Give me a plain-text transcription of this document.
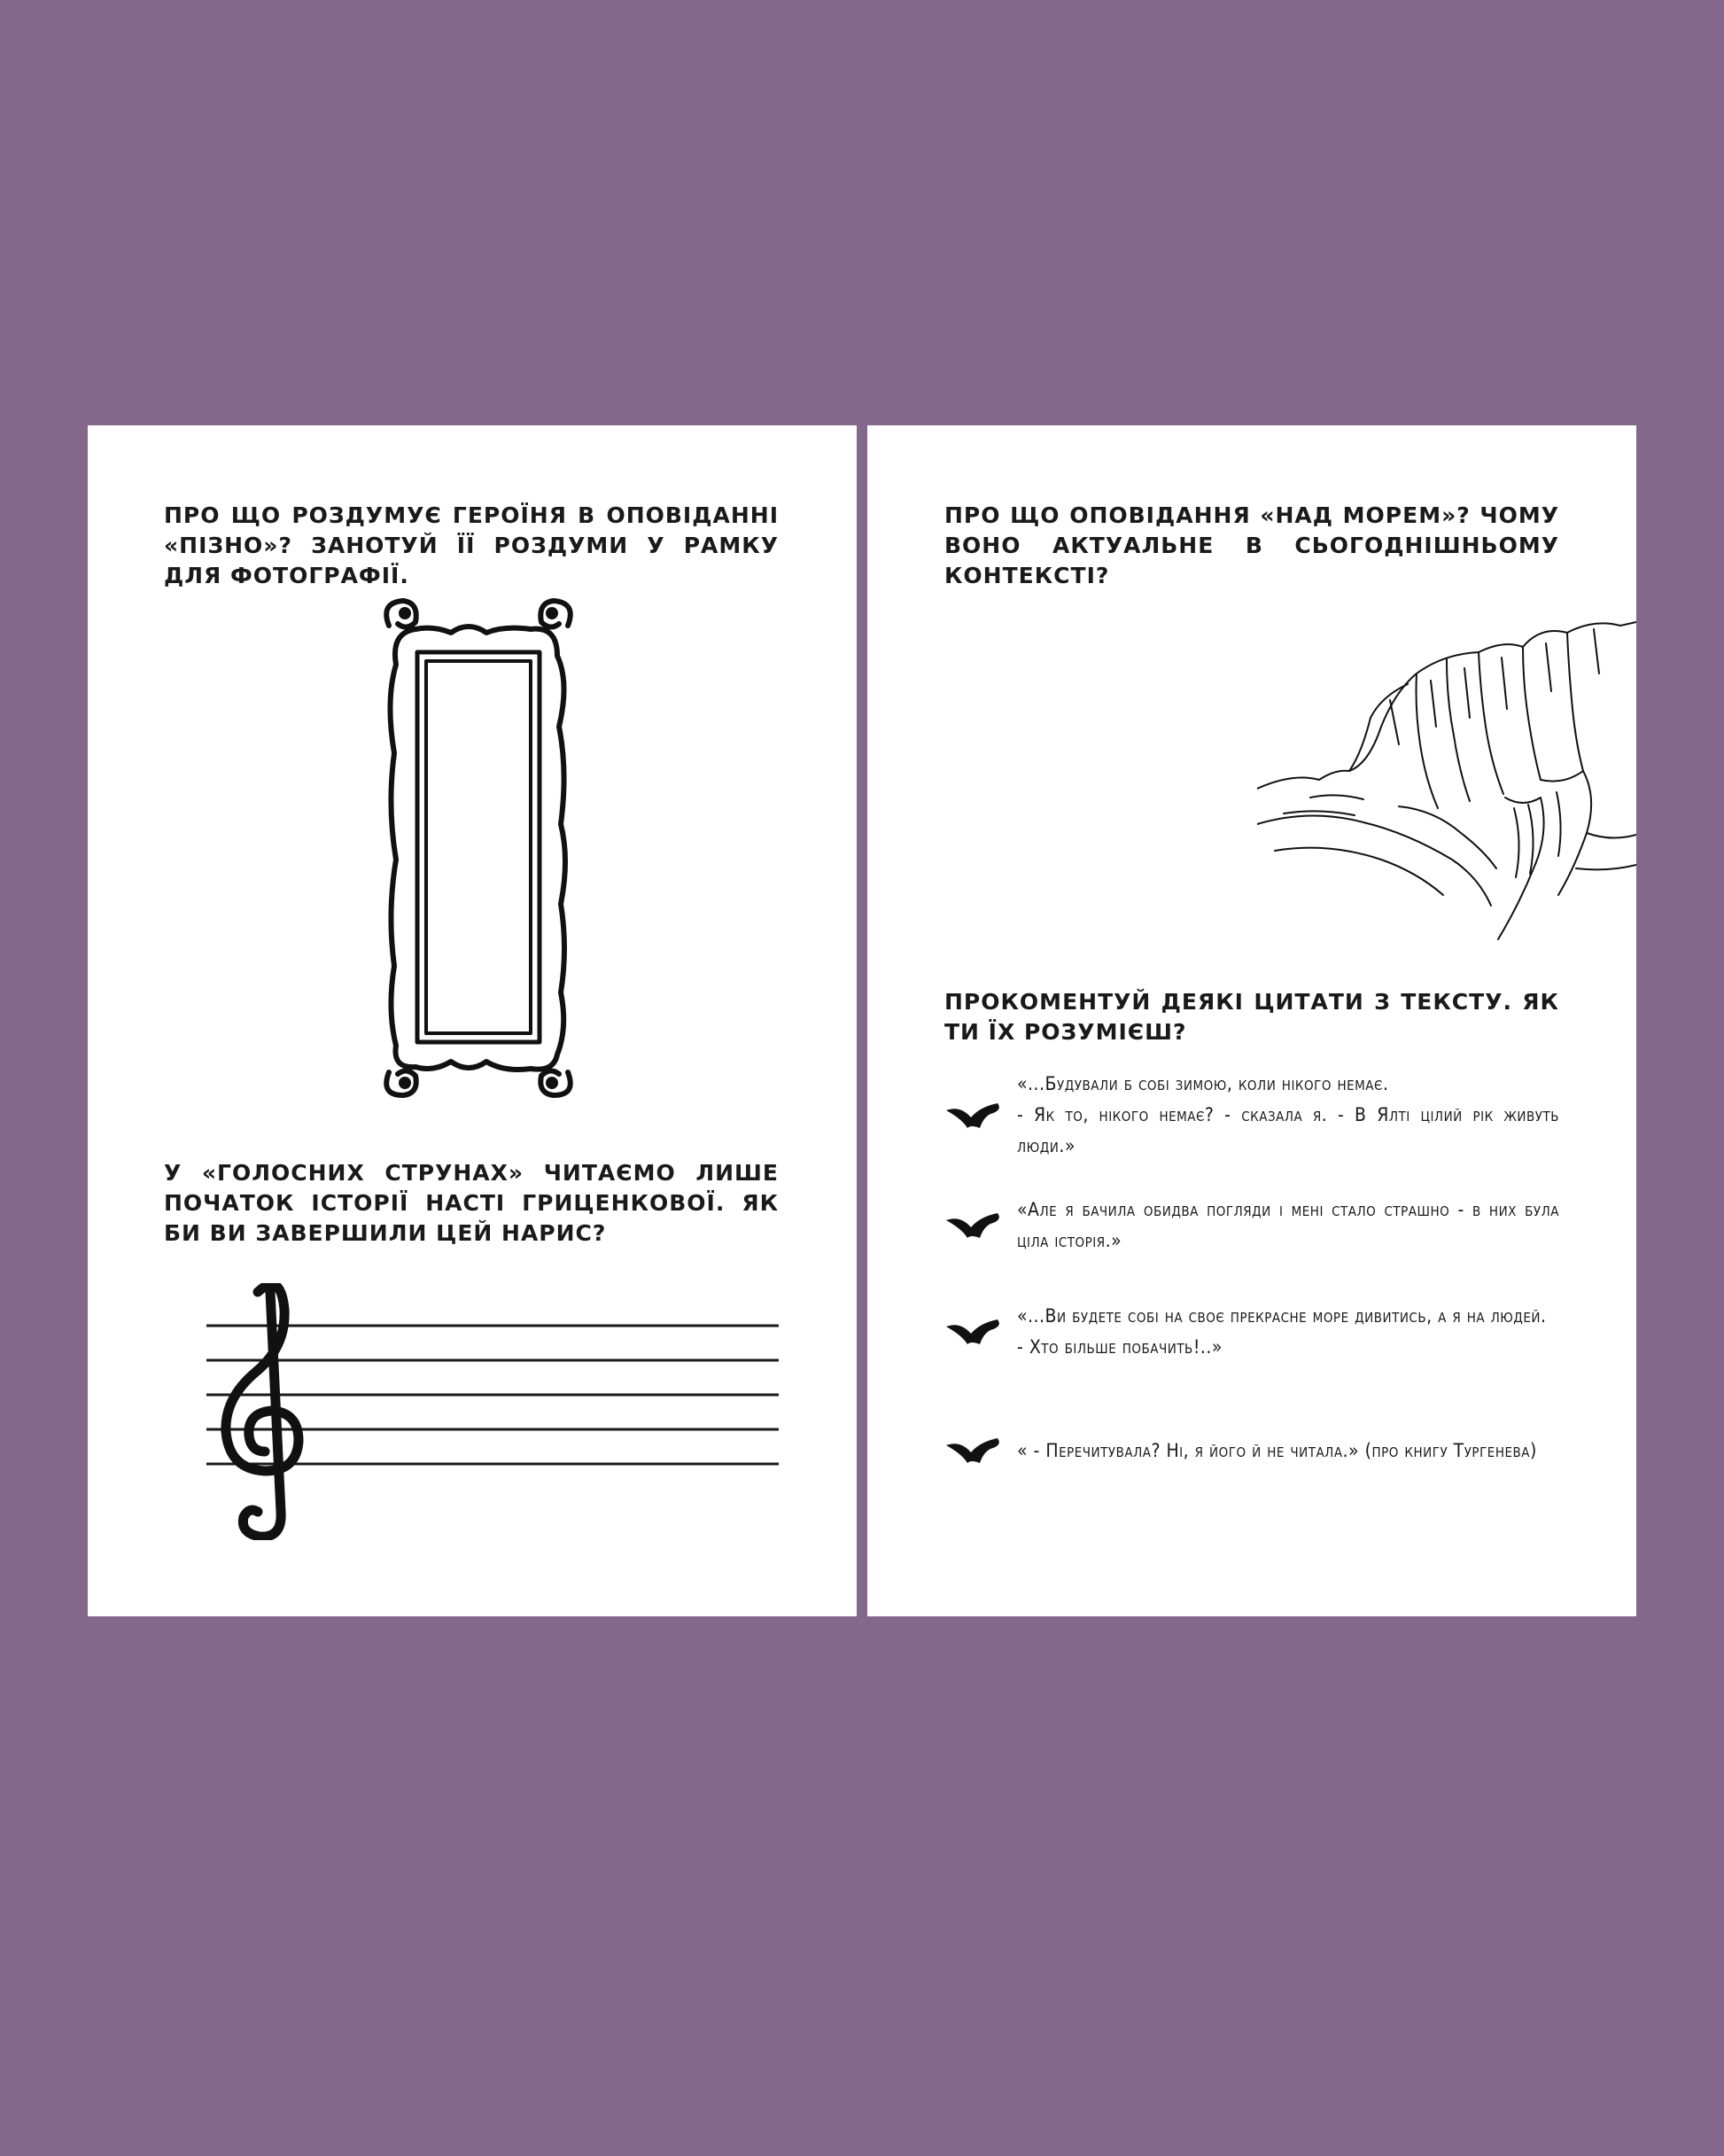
ПРО ЩО РОЗДУМУЄ ГЕРОЇНЯ В ОПОВІДАННІ «ПІЗНО»? ЗАНОТУЙ ЇЇ РОЗДУМИ У РАМКУ ДЛЯ ФОТОГРАФІЇ.

У «ГОЛОСНИХ СТРУНАХ» ЧИТАЄМО ЛИШЕ ПОЧАТОК ІСТОРІЇ НАСТІ ГРИЦЕНКОВОЇ. ЯК БИ ВИ ЗАВЕРШИЛИ ЦЕЙ НАРИС?

ПРО ЩО ОПОВІДАННЯ «НАД МОРЕМ»? ЧОМУ ВОНО АКТУАЛЬНЕ В СЬОГОДНІШНЬОМУ КОНТЕКСТІ?

ПРОКОМЕНТУЙ ДЕЯКІ ЦИТАТИ З ТЕКСТУ. ЯК ТИ ЇХ РОЗУМІЄШ?

«...Будували б собі зимою, коли нікого немає.
- Як то, нікого немає? - сказала я. - В Ялті цілий рік живуть люди.»

«Але я бачила обидва погляди і мені стало страшно - в них була ціла історія.»

«...Ви будете собі на своє прекрасне море дивитись, а я на людей.
- Хто більше побачить!..»

« - Перечитувала? Ні, я його й не читала.» (про книгу Тургенева)
